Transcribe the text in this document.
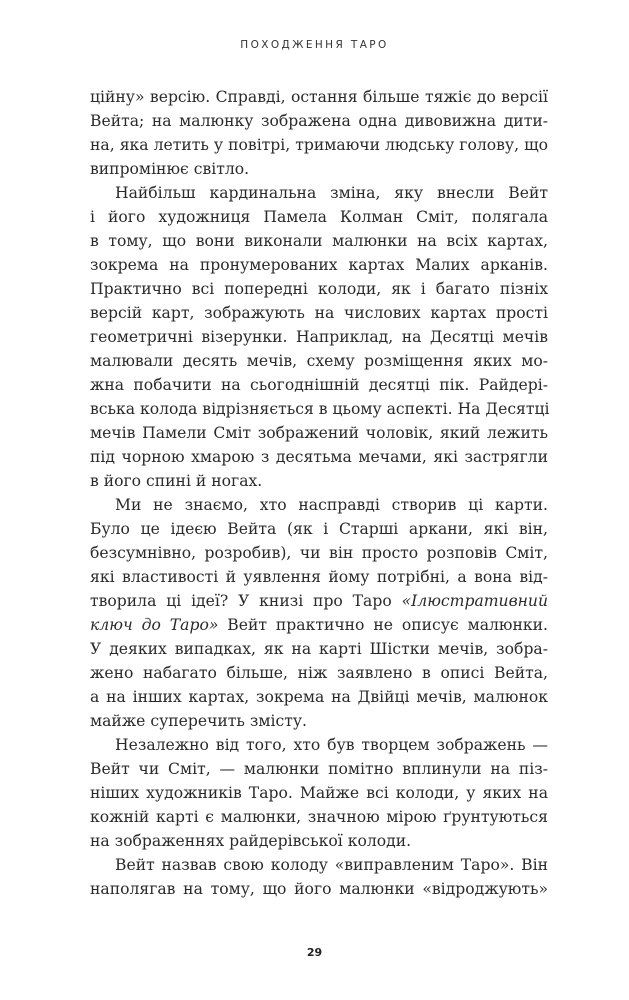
ПОХОДЖЕННЯ ТАРО
цiйну» версію. Справді, остання більше тяжіє до версії
Вейта; на малюнку зображена одна дивовижна дити-
на, яка летить у повітрі, тримаючи людську голову, що
випромінює світло.
Найбільш кардинальна зміна, яку внесли Вейт
і його художниця Памела Колман Сміт, полягала
в тому, що вони виконали малюнки на всіх картах,
зокрема на пронумерованих картах Малих арканів.
Практично всі попередні колоди, як і багато пізніх
версій карт, зображують на числових картах прості
геометричні візерунки. Наприклад, на Десятці мечів
малювали десять мечів, схему розміщення яких мо-
жна побачити на сьогоднішній десятці пік. Райдері-
вська колода відрізняється в цьому аспекті. На Десятці
мечів Памели Сміт зображений чоловік, який лежить
під чорною хмарою з десятьма мечами, які застрягли
в його спині й ногах.
Ми не знаємо, хто насправді створив ці карти.
Було це ідеєю Вейта (як і Старші аркани, які він,
безсумнівно, розробив), чи він просто розповів Сміт,
які властивості й уявлення йому потрібні, а вона від-
творила ці ідеї? У книзі про Таро «Ілюстративний
ключ до Таро» Вейт практично не описує малюнки.
У деяких випадках, як на карті Шістки мечів, зобра-
жено набагато більше, ніж заявлено в описі Вейта,
а на інших картах, зокрема на Двійці мечів, малюнок
майже суперечить змісту.
Незалежно від того, хто був творцем зображень —
Вейт чи Сміт, — малюнки помітно вплинули на піз-
ніших художників Таро. Майже всі колоди, у яких на
кожній карті є малюнки, значною мірою ґрунтуються
на зображеннях райдерівської колоди.
Вейт назвав свою колоду «виправленим Таро». Він
наполягав на тому, що його малюнки «відроджують»
29
